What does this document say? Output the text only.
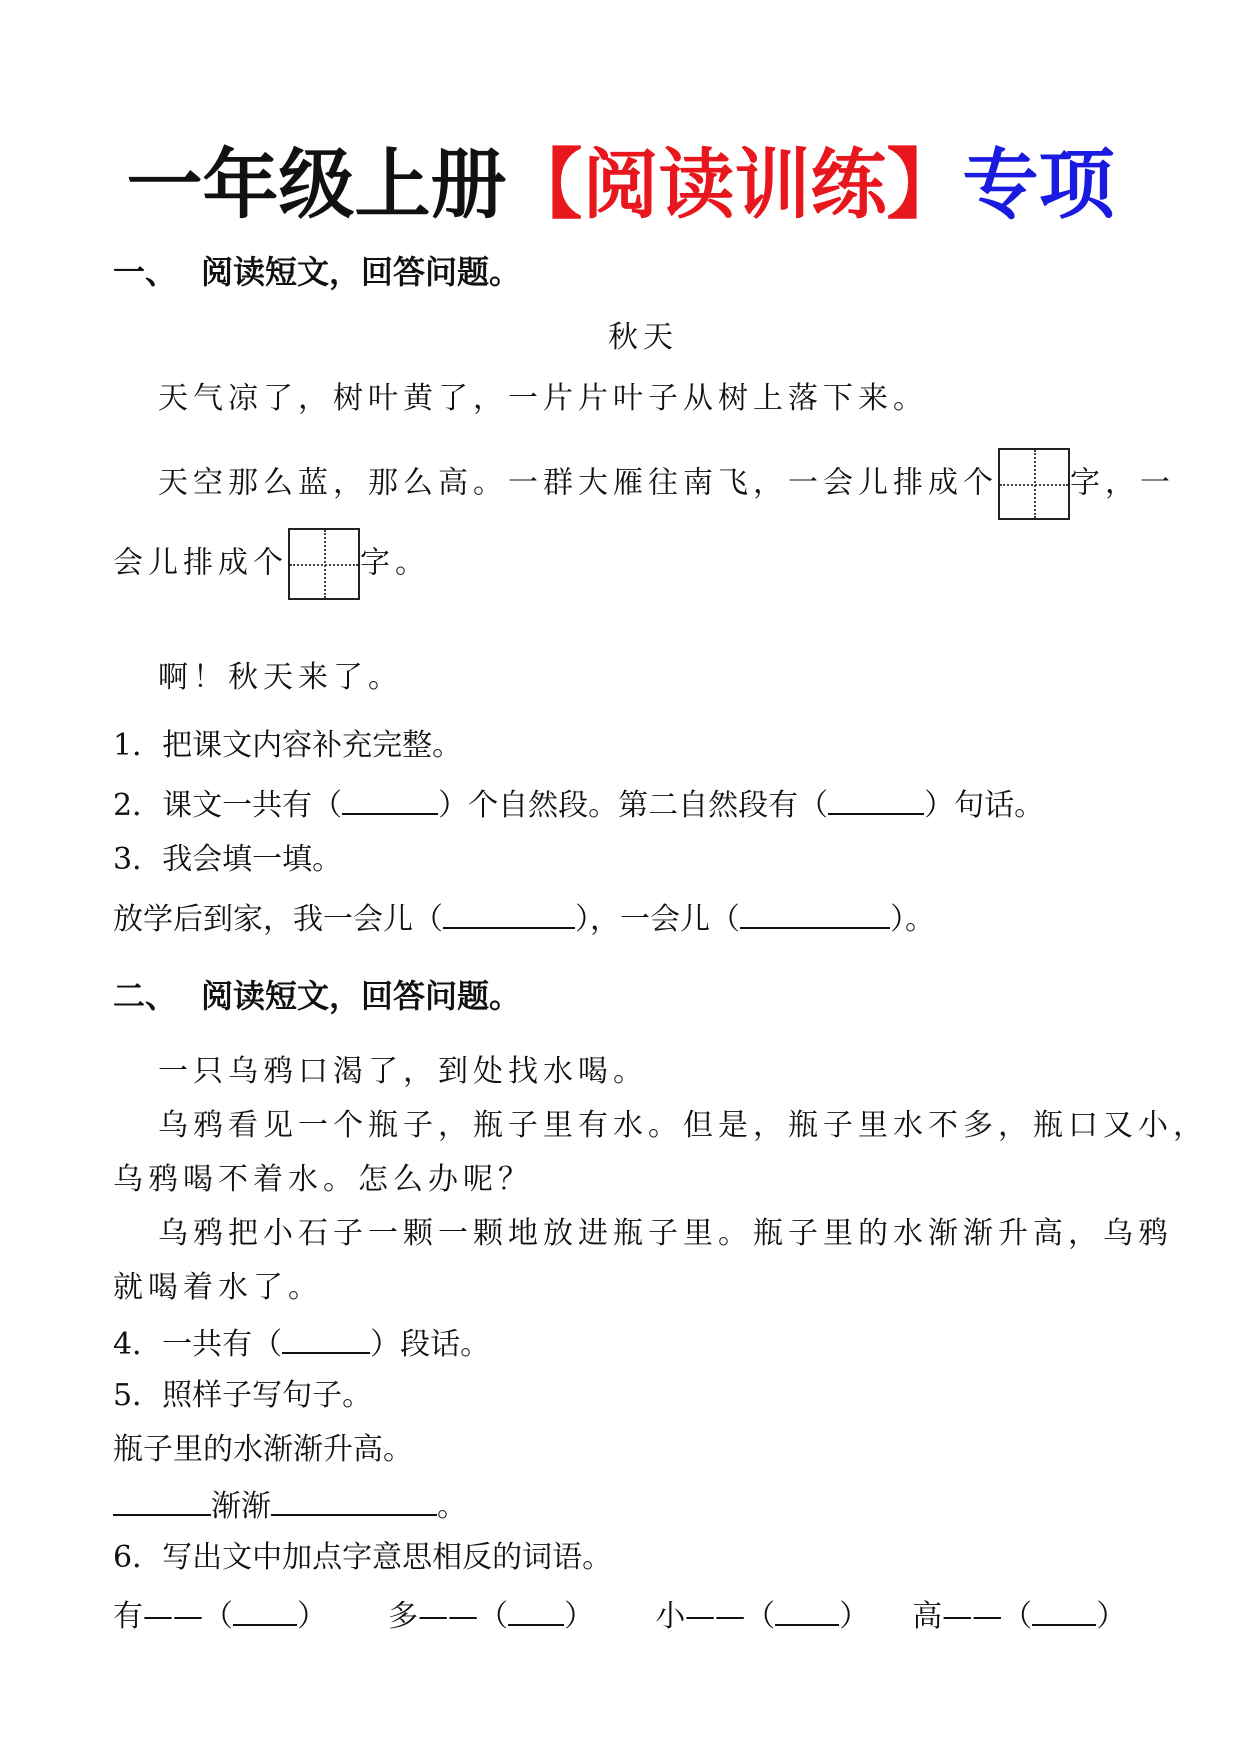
一年级上册【阅读训练】专项
一、 阅读短文，回答问题。
秋天
天气凉了，树叶黄了，一片片叶子从树上落下来。
天空那么蓝，那么高。一群大雁往南飞，一会儿排成个 字，一
会儿排成个 字。
啊！秋天来了。
1．把课文内容补充完整。
2．课文一共有（	）个自然段。第二自然段有（	）句话。
3．我会填一填。
放学后到家，我一会儿（	），一会儿（	）。
二、 阅读短文，回答问题。
一只乌鸦口渴了，到处找水喝。
乌鸦看见一个瓶子，瓶子里有水。但是，瓶子里水不多，瓶口又小，
乌鸦喝不着水。怎么办呢？
乌鸦把小石子一颗一颗地放进瓶子里。瓶子里的水渐渐升高，乌鸦
就喝着水了。
4．一共有（	）段话。
5．照样子写句子。
瓶子里的水渐渐升高。
渐渐	。
6．写出文中加点字意思相反的词语。
有——（ ） 多——（ ） 小——（ ） 高——（ ）
